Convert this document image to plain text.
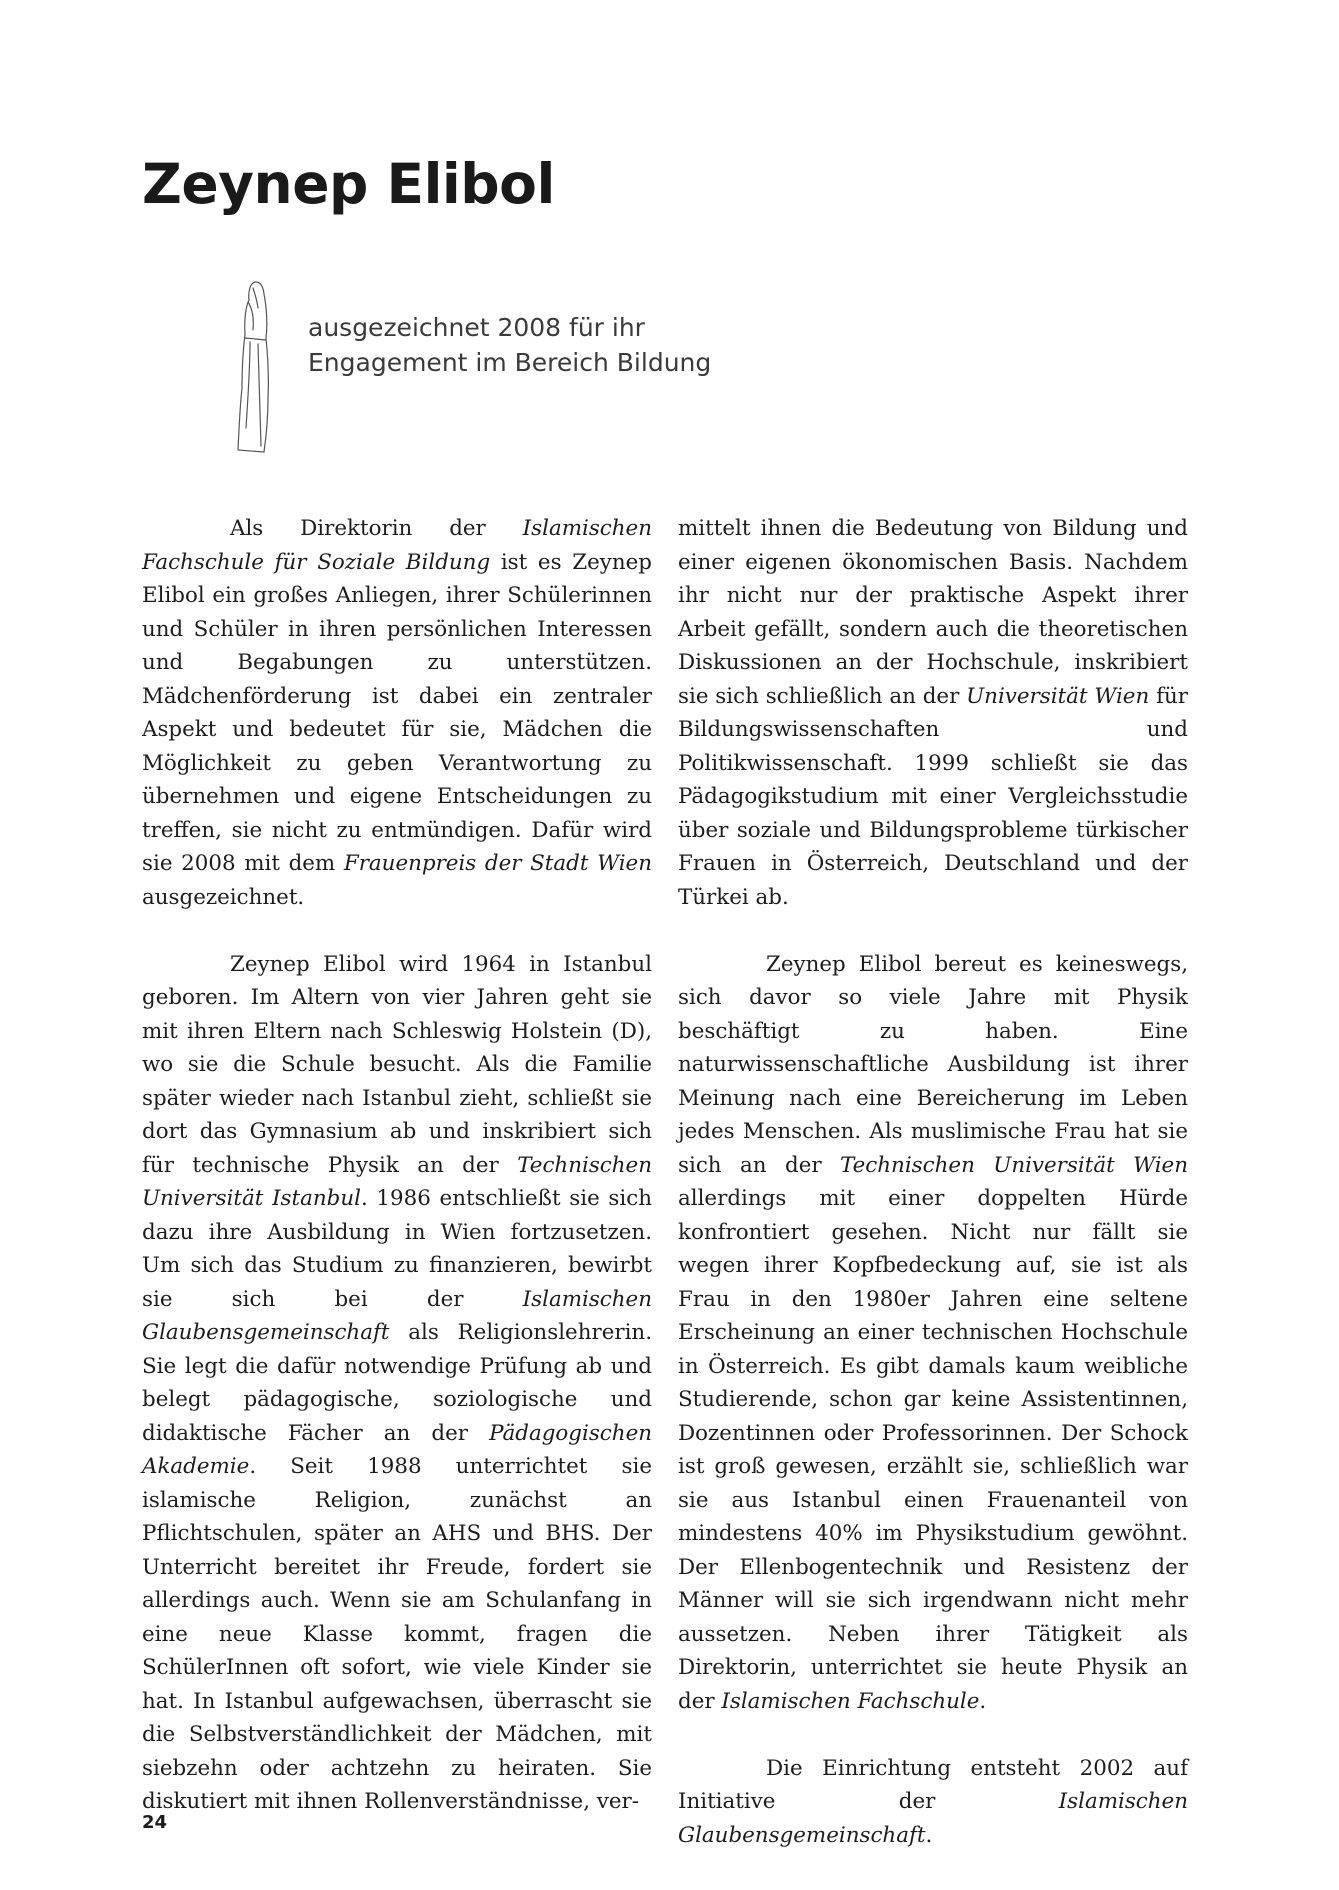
Zeynep Elibol
ausgezeichnet 2008 für ihr
Engagement im Bereich Bildung

Als Direktorin der Islamischen Fachschule für Soziale Bildung ist es Zeynep Elibol ein großes Anliegen, ihrer Schülerinnen und Schüler in ihren persönlichen Interessen und Begabungen zu unterstützen. Mädchenförderung ist dabei ein zentraler Aspekt und bedeutet für sie, Mädchen die Möglichkeit zu geben Verantwortung zu übernehmen und eigene Entscheidungen zu treffen, sie nicht zu entmündigen. Dafür wird sie 2008 mit dem Frauenpreis der Stadt Wien ausgezeichnet.

Zeynep Elibol wird 1964 in Istanbul geboren. Im Altern von vier Jahren geht sie mit ihren Eltern nach Schleswig Holstein (D), wo sie die Schule besucht. Als die Familie später wieder nach Istanbul zieht, schließt sie dort das Gymnasium ab und inskribiert sich für technische Physik an der Technischen Universität Istanbul. 1986 entschließt sie sich dazu ihre Ausbildung in Wien fortzusetzen. Um sich das Studium zu finanzieren, bewirbt sie sich bei der Islamischen Glaubensgemeinschaft als Religionslehrerin. Sie legt die dafür notwendige Prüfung ab und belegt pädagogische, soziologische und didaktische Fächer an der Pädagogischen Akademie. Seit 1988 unterrichtet sie islamische Religion, zunächst an Pflichtschulen, später an AHS und BHS. Der Unterricht bereitet ihr Freude, fordert sie allerdings auch. Wenn sie am Schulanfang in eine neue Klasse kommt, fragen die SchülerInnen oft sofort, wie viele Kinder sie hat. In Istanbul aufgewachsen, überrascht sie die Selbstverständlichkeit der Mädchen, mit siebzehn oder achtzehn zu heiraten. Sie diskutiert mit ihnen Rollenverständnisse, ver-

mittelt ihnen die Bedeutung von Bildung und einer eigenen ökonomischen Basis. Nachdem ihr nicht nur der praktische Aspekt ihrer Arbeit gefällt, sondern auch die theoretischen Diskussionen an der Hochschule, inskribiert sie sich schließlich an der Universität Wien für Bildungswissenschaften und Politikwissenschaft. 1999 schließt sie das Pädagogikstudium mit einer Vergleichsstudie über soziale und Bildungsprobleme türkischer Frauen in Österreich, Deutschland und der Türkei ab.

Zeynep Elibol bereut es keineswegs, sich davor so viele Jahre mit Physik beschäftigt zu haben. Eine naturwissenschaftliche Ausbildung ist ihrer Meinung nach eine Bereicherung im Leben jedes Menschen. Als muslimische Frau hat sie sich an der Technischen Universität Wien allerdings mit einer doppelten Hürde konfrontiert gesehen. Nicht nur fällt sie wegen ihrer Kopfbedeckung auf, sie ist als Frau in den 1980er Jahren eine seltene Erscheinung an einer technischen Hochschule in Österreich. Es gibt damals kaum weibliche Studierende, schon gar keine Assistentinnen, Dozentinnen oder Professorinnen. Der Schock ist groß gewesen, erzählt sie, schließlich war sie aus Istanbul einen Frauenanteil von mindestens 40% im Physikstudium gewöhnt. Der Ellenbogentechnik und Resistenz der Männer will sie sich irgendwann nicht mehr aussetzen. Neben ihrer Tätigkeit als Direktorin, unterrichtet sie heute Physik an der Islamischen Fachschule.

Die Einrichtung entsteht 2002 auf Initiative der Islamischen Glaubensgemeinschaft.

24
